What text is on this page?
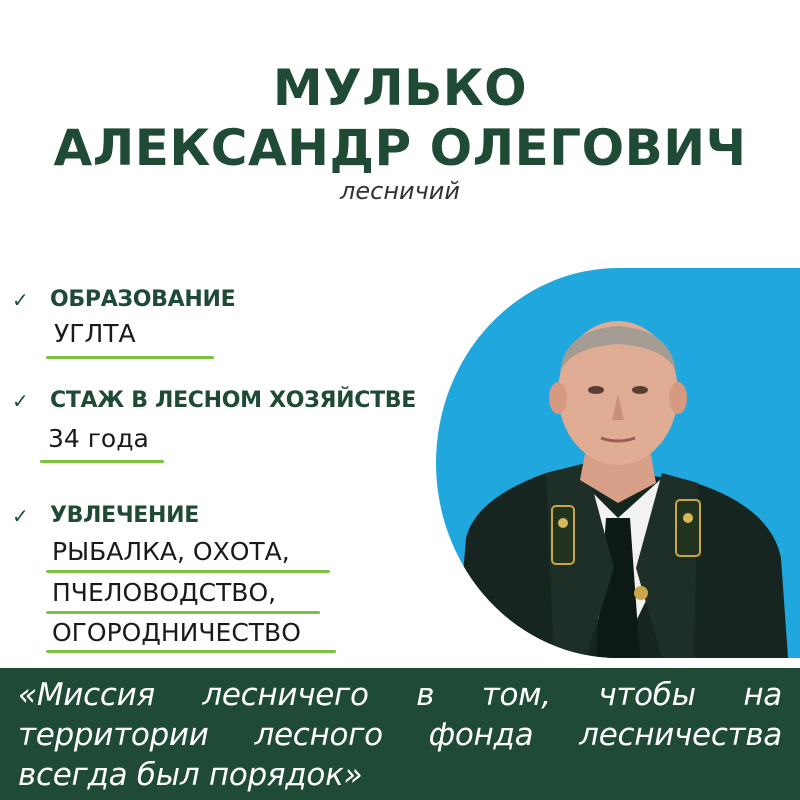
МУЛЬКО
АЛЕКСАНДР ОЛЕГОВИЧ
лесничий
✓ ОБРАЗОВАНИЕ
УГЛТА
✓ СТАЖ В ЛЕСНОМ ХОЗЯЙСТВЕ
34 года
✓ УВЛЕЧЕНИЕ
РЫБАЛКА, ОХОТА,
ПЧЕЛОВОДСТВО,
ОГОРОДНИЧЕСТВО
«Миссия лесничего в том, чтобы на территории лесного фонда лесничества всегда был порядок»
